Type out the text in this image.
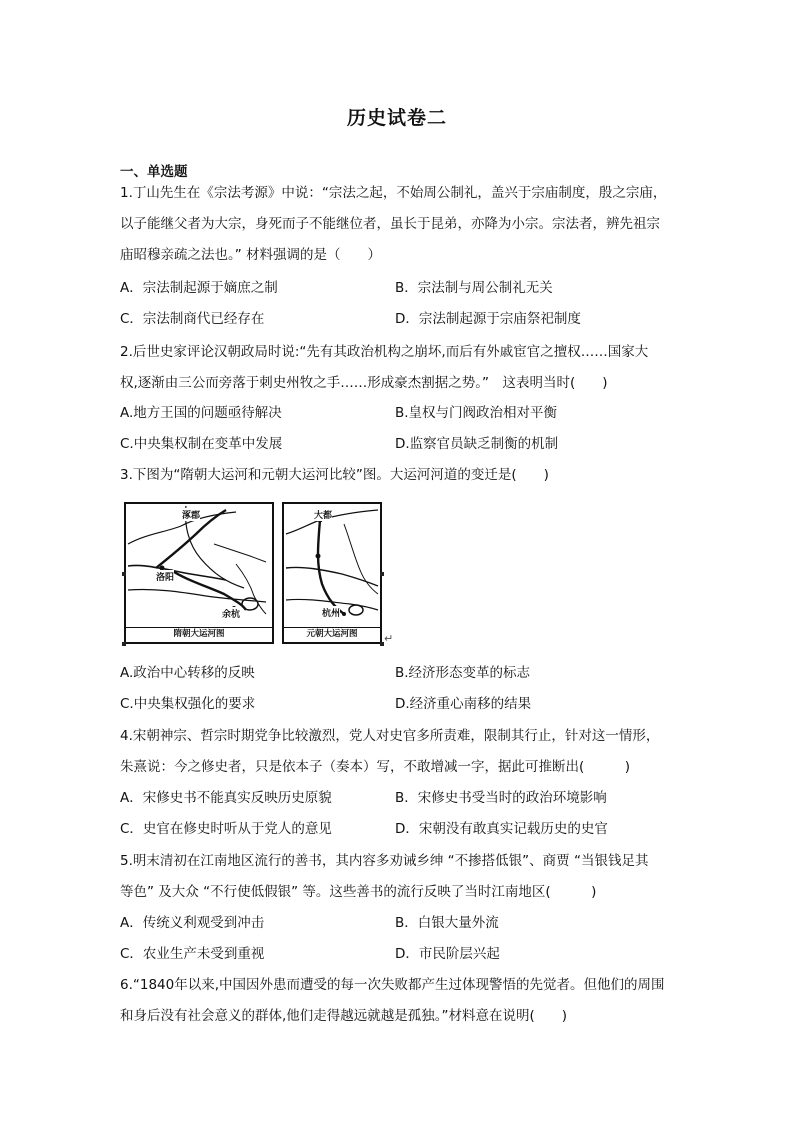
历史试卷二
一、单选题

1.丁山先生在《宗法考源》中说：“宗法之起，不始周公制礼，盖兴于宗庙制度，殷之宗庙，

以子能继父者为大宗，身死而子不能继位者，虽长于昆弟，亦降为小宗。宗法者，辨先祖宗

庙昭穆亲疏之法也。” 材料强调的是（　　）

A．宗法制起源于嫡庶之制	B．宗法制与周公制礼无关
C．宗法制商代已经存在	D．宗法制起源于宗庙祭祀制度

2.后世史家评论汉朝政局时说:“先有其政治机构之崩坏,而后有外戚宦官之擅权……国家大

权,逐渐由三公而旁落于刺史州牧之手……形成豪杰割据之势。”　这表明当时(　　)

A.地方王国的问题亟待解决	B.皇权与门阀政治相对平衡
C.中央集权制在变革中发展	D.监察官员缺乏制衡的机制

3.下图为“隋朝大运河和元朝大运河比较”图。大运河河道的变迁是(　　)

涿郡
洛阳
余杭
隋朝大运河图
大都
杭州
元朝大运河图	↵
A.政治中心转移的反映	B.经济形态变革的标志
C.中央集权强化的要求	D.经济重心南移的结果

4.宋朝神宗、哲宗时期党争比较激烈，党人对史官多所责难，限制其行止，针对这一情形，

朱熹说：今之修史者，只是依本子（奏本）写，不敢增减一字，据此可推断出(　　　)

A．宋修史书不能真实反映历史原貌	B．宋修史书受当时的政治环境影响
C．史官在修史时听从于党人的意见	D．宋朝没有敢真实记载历史的史官

5.明末清初在江南地区流行的善书，其内容多劝诫乡绅 “不掺搭低银”、商贾 “当银钱足其

等色” 及大众 “不行使低假银” 等。这些善书的流行反映了当时江南地区(　　　)

A．传统义利观受到冲击	B．白银大量外流
C．农业生产未受到重视	D．市民阶层兴起

6.“1840年以来,中国因外患而遭受的每一次失败都产生过体现警悟的先觉者。但他们的周围

和身后没有社会意义的群体,他们走得越远就越是孤独。”材料意在说明(　　)
